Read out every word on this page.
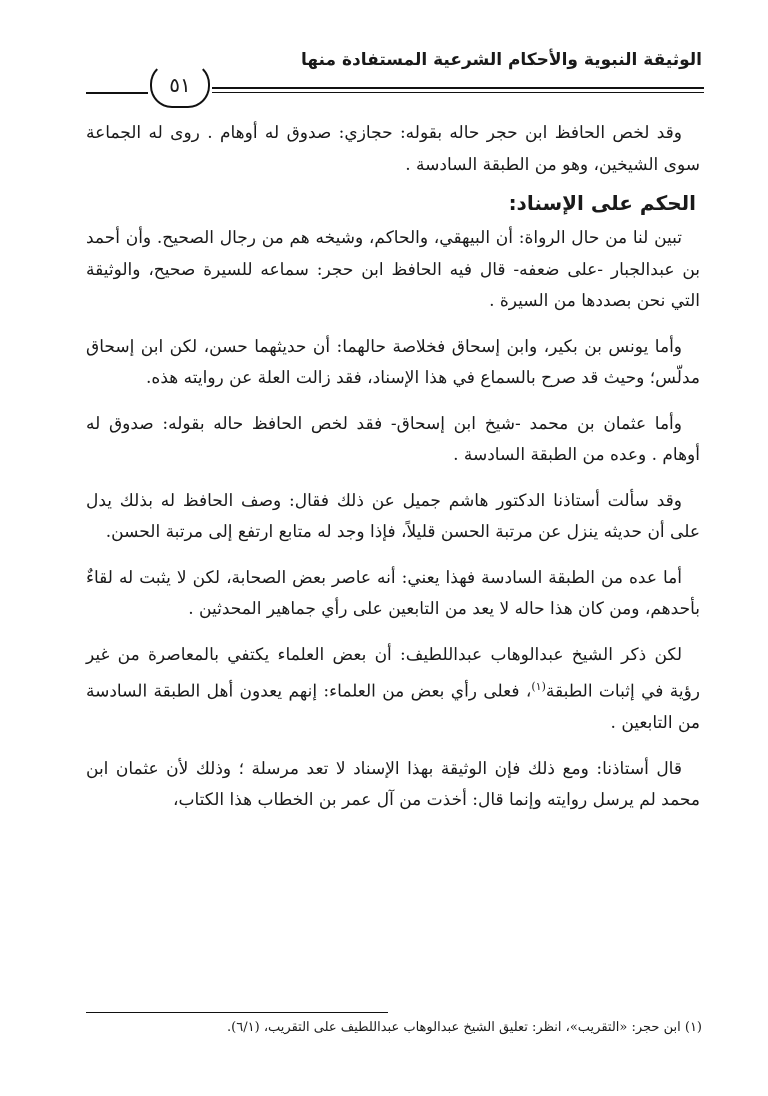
الوثيقة النبوية والأحكام الشرعية المستفادة منها
٥١

وقد لخص الحافظ ابن حجر حاله بقوله: حجازي: صدوق له أوهام . روى له الجماعة سوى الشيخين، وهو من الطبقة السادسة .

الحكم على الإسناد:

تبين لنا من حال الرواة: أن البيهقي، والحاكم، وشيخه هم من رجال الصحيح. وأن أحمد بن عبدالجبار -على ضعفه- قال فيه الحافظ ابن حجر: سماعه للسيرة صحيح، والوثيقة التي نحن بصددها من السيرة .

وأما يونس بن بكير، وابن إسحاق فخلاصة حالهما: أن حديثهما حسن، لكن ابن إسحاق مدلّس؛ وحيث قد صرح بالسماع في هذا الإسناد، فقد زالت العلة عن روايته هذه.

وأما عثمان بن محمد -شيخ ابن إسحاق- فقد لخص الحافظ حاله بقوله: صدوق له أوهام . وعده من الطبقة السادسة .

وقد سألت أستاذنا الدكتور هاشم جميل عن ذلك فقال: وصف الحافظ له بذلك يدل على أن حديثه ينزل عن مرتبة الحسن قليلاً، فإذا وجد له متابع ارتفع إلى مرتبة الحسن.

أما عده من الطبقة السادسة فهذا يعني: أنه عاصر بعض الصحابة، لكن لا يثبت له لقاءٌ بأحدهم، ومن كان هذا حاله لا يعد من التابعين على رأي جماهير المحدثين .

لكن ذكر الشيخ عبدالوهاب عبداللطيف: أن بعض العلماء يكتفي بالمعاصرة من غير رؤية في إثبات الطبقة$^{(١)}$، فعلى رأي بعض من العلماء: إنهم يعدون أهل الطبقة السادسة من التابعين .

قال أستاذنا: ومع ذلك فإن الوثيقة بهذا الإسناد لا تعد مرسلة ؛ وذلك لأن عثمان ابن محمد لم يرسل روايته وإنما قال: أخذت من آل عمر بن الخطاب هذا الكتاب،

(١) ابن حجر: «التقريب»، انظر: تعليق الشيخ عبدالوهاب عبداللطيف على التقريب، (٦/١).
